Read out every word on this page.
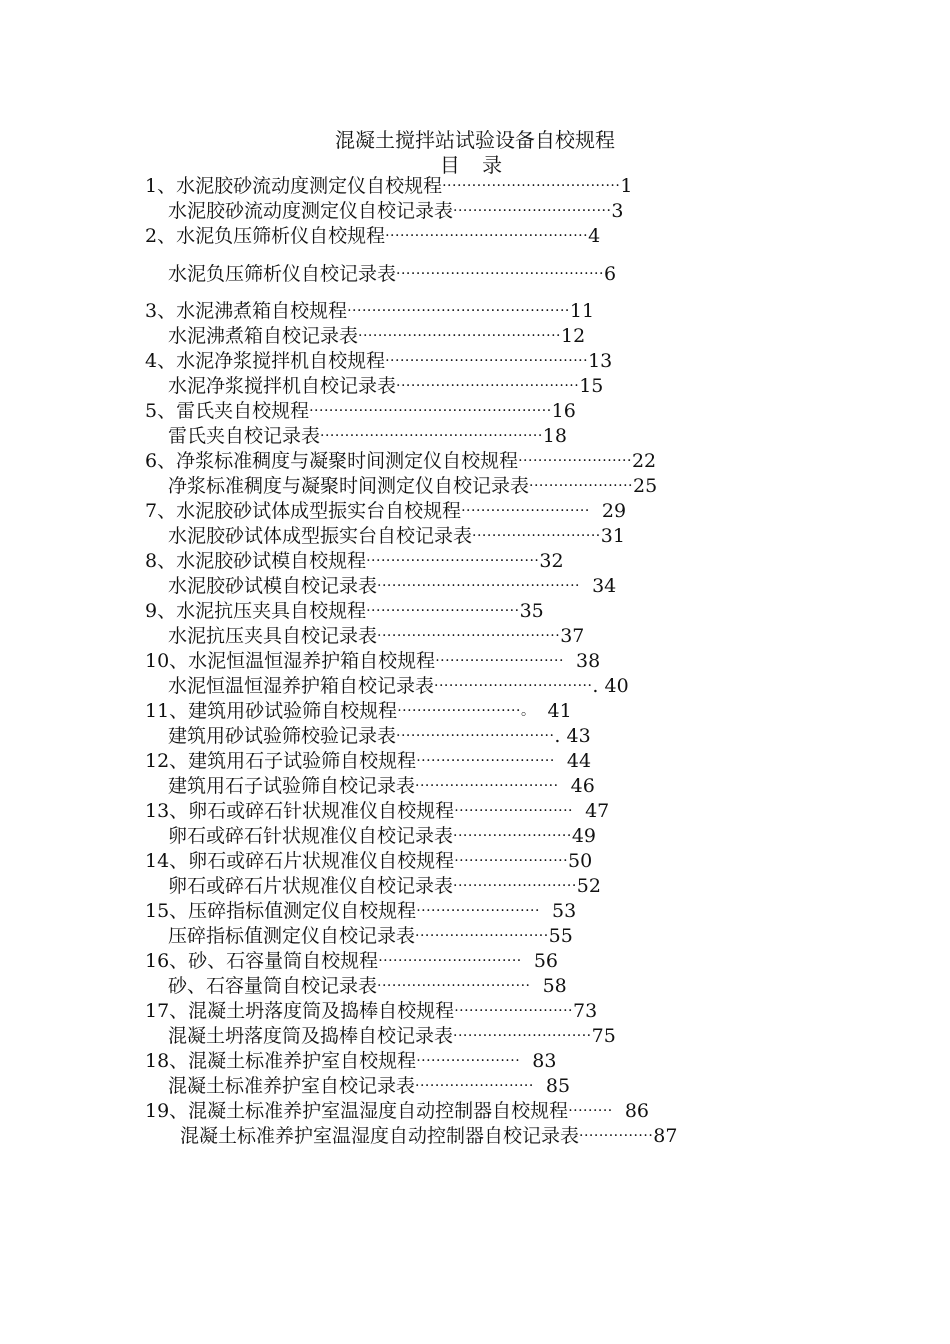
混凝土搅拌站试验设备自校规程
目 录
1、水泥胶砂流动度测定仪自校规程····································1
水泥胶砂流动度测定仪自校记录表································3
2、水泥负压筛析仪自校规程·········································4
水泥负压筛析仪自校记录表··········································6
3、水泥沸煮箱自校规程·············································11
水泥沸煮箱自校记录表·········································12
4、水泥净浆搅拌机自校规程·········································13
水泥净浆搅拌机自校记录表·····································15
5、雷氏夹自校规程·················································16
雷氏夹自校记录表·············································18
6、净浆标准稠度与凝聚时间测定仪自校规程·······················22
净浆标准稠度与凝聚时间测定仪自校记录表·····················25
7、水泥胶砂试体成型振实台自校规程··························  29
水泥胶砂试体成型振实台自校记录表··························31
8、水泥胶砂试模自校规程···································32
水泥胶砂试模自校记录表·········································  34
9、水泥抗压夹具自校规程·······························35
水泥抗压夹具自校记录表·····································37
10、水泥恒温恒湿养护箱自校规程··························  38
水泥恒温恒湿养护箱自校记录表································. 40
11、建筑用砂试验筛自校规程·························。  41
建筑用砂试验筛校验记录表································. 43
12、建筑用石子试验筛自校规程····························  44
建筑用石子试验筛自校记录表·····························  46
13、卵石或碎石针状规准仪自校规程························  47
卵石或碎石针状规准仪自校记录表························49
14、卵石或碎石片状规准仪自校规程·······················50
卵石或碎石片状规准仪自校记录表·························52
15、压碎指标值测定仪自校规程·························  53
压碎指标值测定仪自校记录表···························55
16、砂、石容量筒自校规程·····························  56
砂、石容量筒自校记录表·······························  58
17、混凝土坍落度筒及捣棒自校规程························73
混凝土坍落度筒及捣棒自校记录表····························75
18、混凝土标准养护室自校规程·····················  83
混凝土标准养护室自校记录表························  85
19、混凝土标准养护室温湿度自动控制器自校规程·········  86
混凝土标准养护室温湿度自动控制器自校记录表···············87
